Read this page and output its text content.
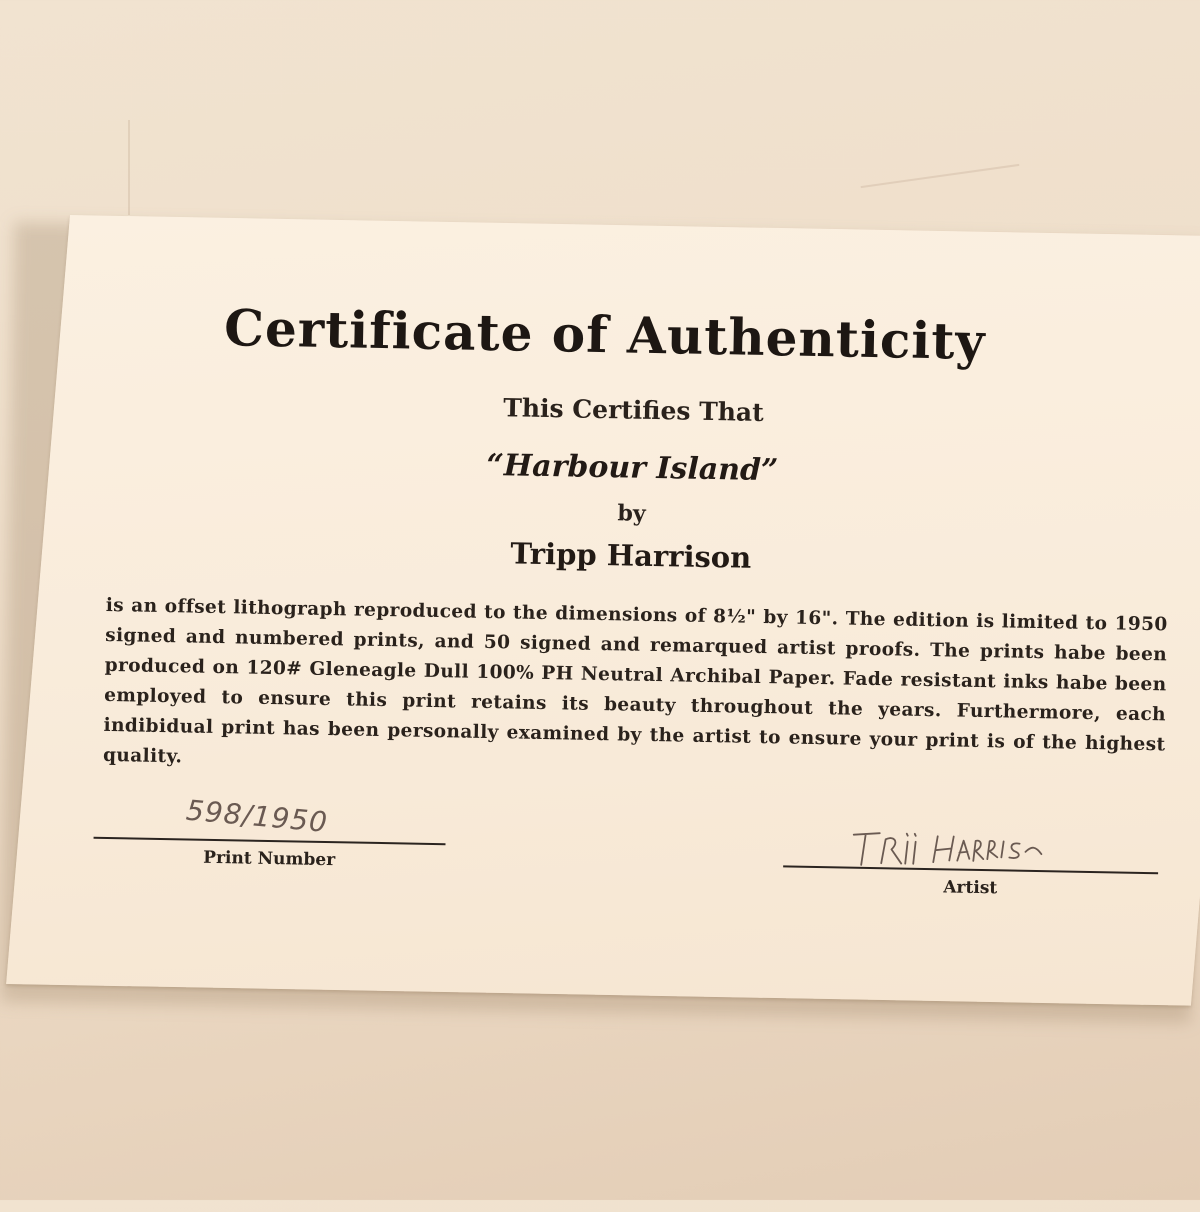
Certificate of Authenticity
This Certifies That
“Harbour Island”
by
Tripp Harrison
is an offset lithograph reproduced to the dimensions of 8½" by 16". The edition is limited to 1950 signed and numbered prints, and 50 signed and remarqued artist proofs. The prints habe been produced on 120# Gleneagle Dull 100% PH Neutral Archibal Paper. Fade resistant inks habe been employed to ensure this print retains its beauty throughout the years. Furthermore, each indibidual print has been personally examined by the artist to ensure your print is of the highest quality.
598/1950
Print Number
Artist
